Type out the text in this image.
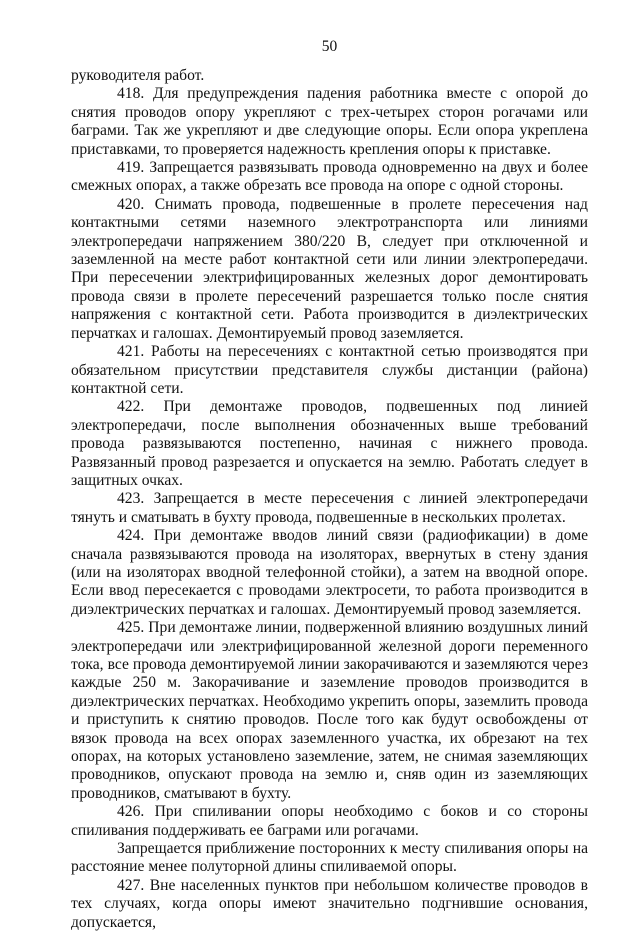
50

руководителя работ.

418. Для предупреждения падения работника вместе с опорой до снятия проводов опору укрепляют с трех-четырех сторон рогачами или баграми. Так же укрепляют и две следующие опоры. Если опора укреплена приставками, то проверяется надежность крепления опоры к приставке.

419. Запрещается развязывать провода одновременно на двух и более смежных опорах, а также обрезать все провода на опоре с одной стороны.

420. Снимать провода, подвешенные в пролете пересечения над контактными сетями наземного электротранспорта или линиями электропередачи напряжением 380/220 В, следует при отключенной и заземленной на месте работ контактной сети или линии электропередачи. При пересечении электрифицированных железных дорог демонтировать провода связи в пролете пересечений разрешается только после снятия напряжения с контактной сети. Работа производится в диэлектрических перчатках и галошах. Демонтируемый провод заземляется.

421. Работы на пересечениях с контактной сетью производятся при обязательном присутствии представителя службы дистанции (района) контактной сети.

422. При демонтаже проводов, подвешенных под линией электропередачи, после выполнения обозначенных выше требований провода развязываются постепенно, начиная с нижнего провода. Развязанный провод разрезается и опускается на землю. Работать следует в защитных очках.

423. Запрещается в месте пересечения с линией электропередачи тянуть и сматывать в бухту провода, подвешенные в нескольких пролетах.

424. При демонтаже вводов линий связи (радиофикации) в доме сначала развязываются провода на изоляторах, ввернутых в стену здания (или на изоляторах вводной телефонной стойки), а затем на вводной опоре. Если ввод пересекается с проводами электросети, то работа производится в диэлектрических перчатках и галошах. Демонтируемый провод заземляется.

425. При демонтаже линии, подверженной влиянию воздушных линий электропередачи или электрифицированной железной дороги переменного тока, все провода демонтируемой линии закорачиваются и заземляются через каждые 250 м. Закорачивание и заземление проводов производится в диэлектрических перчатках. Необходимо укрепить опоры, заземлить провода и приступить к снятию проводов. После того как будут освобождены от вязок провода на всех опорах заземленного участка, их обрезают на тех опорах, на которых установлено заземление, затем, не снимая заземляющих проводников, опускают провода на землю и, сняв один из заземляющих проводников, сматывают в бухту.

426. При спиливании опоры необходимо с боков и со стороны спиливания поддерживать ее баграми или рогачами.

Запрещается приближение посторонних к месту спиливания опоры на расстояние менее полуторной длины спиливаемой опоры.

427. Вне населенных пунктов при небольшом количестве проводов в тех случаях, когда опоры имеют значительно подгнившие основания, допускается,
